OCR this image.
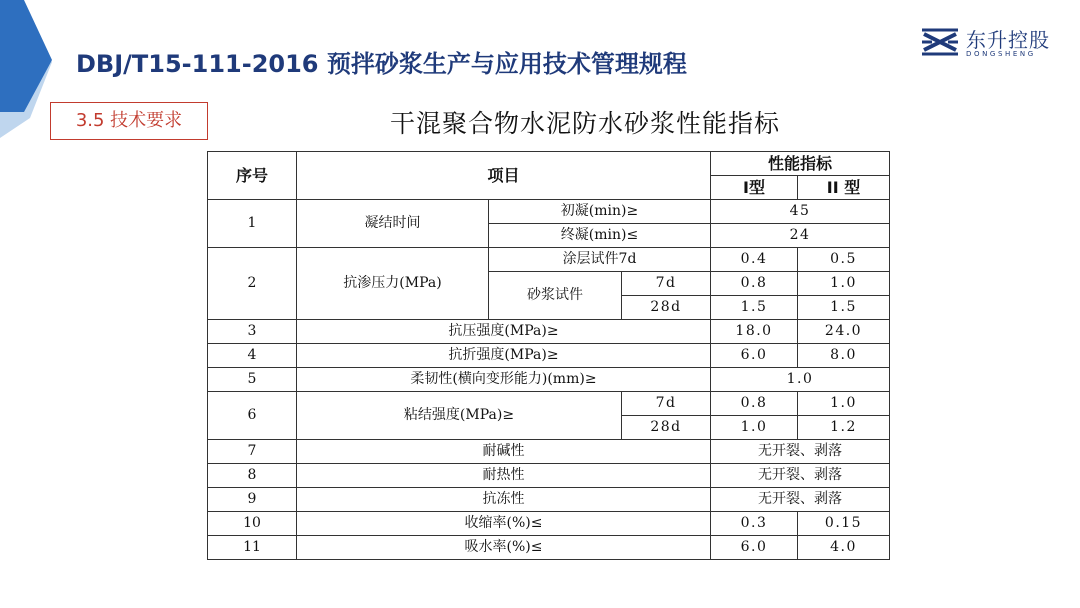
DBJ/T15-111-2016 预拌砂浆生产与应用技术管理规程
东升控股
DONGSHENG
3.5 技术要求	干混聚合物水泥防水砂浆性能指标
序号	项目			性能指标	
				I型	II 型
1	凝结时间	初凝(min)≥		45	
		终凝(min)≤		24	
2	抗渗压力(MPa)	涂层试件7d		0.4	0.5
		砂浆试件	7d	0.8	1.0
			28d	1.5	1.5
3	抗压强度(MPa)≥			18.0	24.0
4	抗折强度(MPa)≥			6.0	8.0
5	柔韧性(横向变形能力)(mm)≥			1.0	
6	粘结强度(MPa)≥		7d	0.8	1.0
			28d	1.0	1.2
7	耐碱性			无开裂、剥落	
8	耐热性			无开裂、剥落	
9	抗冻性			无开裂、剥落	
10	收缩率(%)≤			0.3	0.15
11	吸水率(%)≤			6.0	4.0
